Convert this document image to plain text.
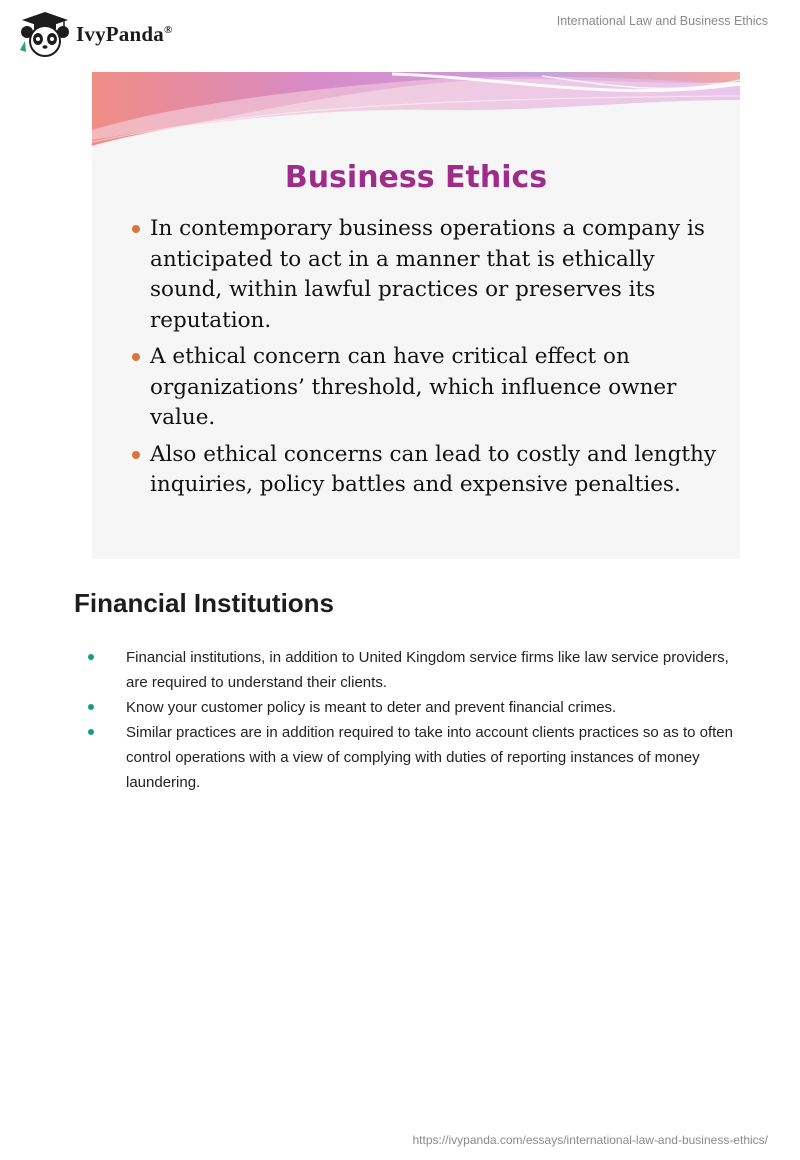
IvyPanda®
International Law and Business Ethics
Business Ethics
In contemporary business operations a company is anticipated to act in a manner that is ethically sound, within lawful practices or preserves its reputation.
A ethical concern can have critical effect on organizations’ threshold, which influence owner value.
Also ethical concerns can lead to costly and lengthy inquiries, policy battles and expensive penalties.
Financial Institutions
Financial institutions, in addition to United Kingdom service firms like law service providers, are required to understand their clients.
Know your customer policy is meant to deter and prevent financial crimes.
Similar practices are in addition required to take into account clients practices so as to often control operations with a view of complying with duties of reporting instances of money laundering.
https://ivypanda.com/essays/international-law-and-business-ethics/
